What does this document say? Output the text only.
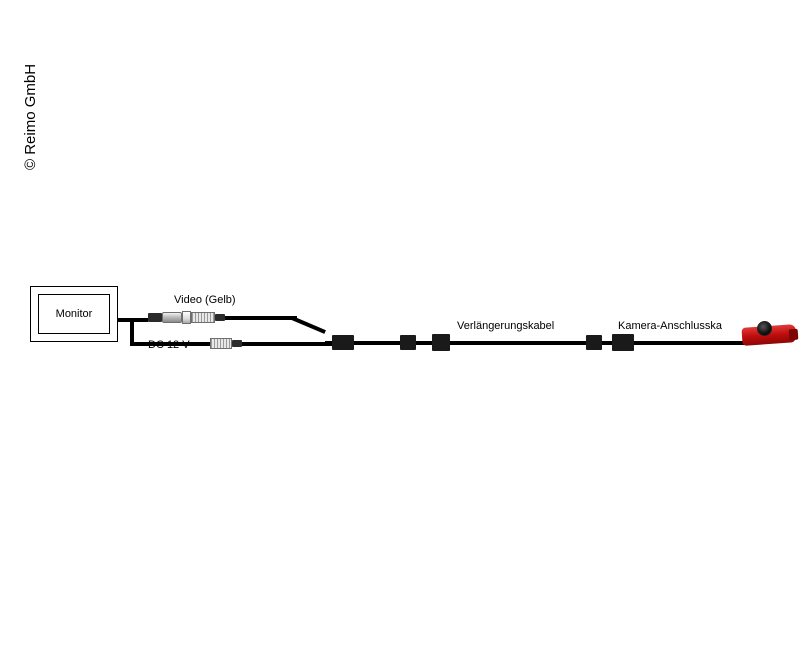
© Reimo GmbH
Monitor
Video (Gelb)
DC 12 V
Verlängerungskabel	Kamera-Anschlusska
